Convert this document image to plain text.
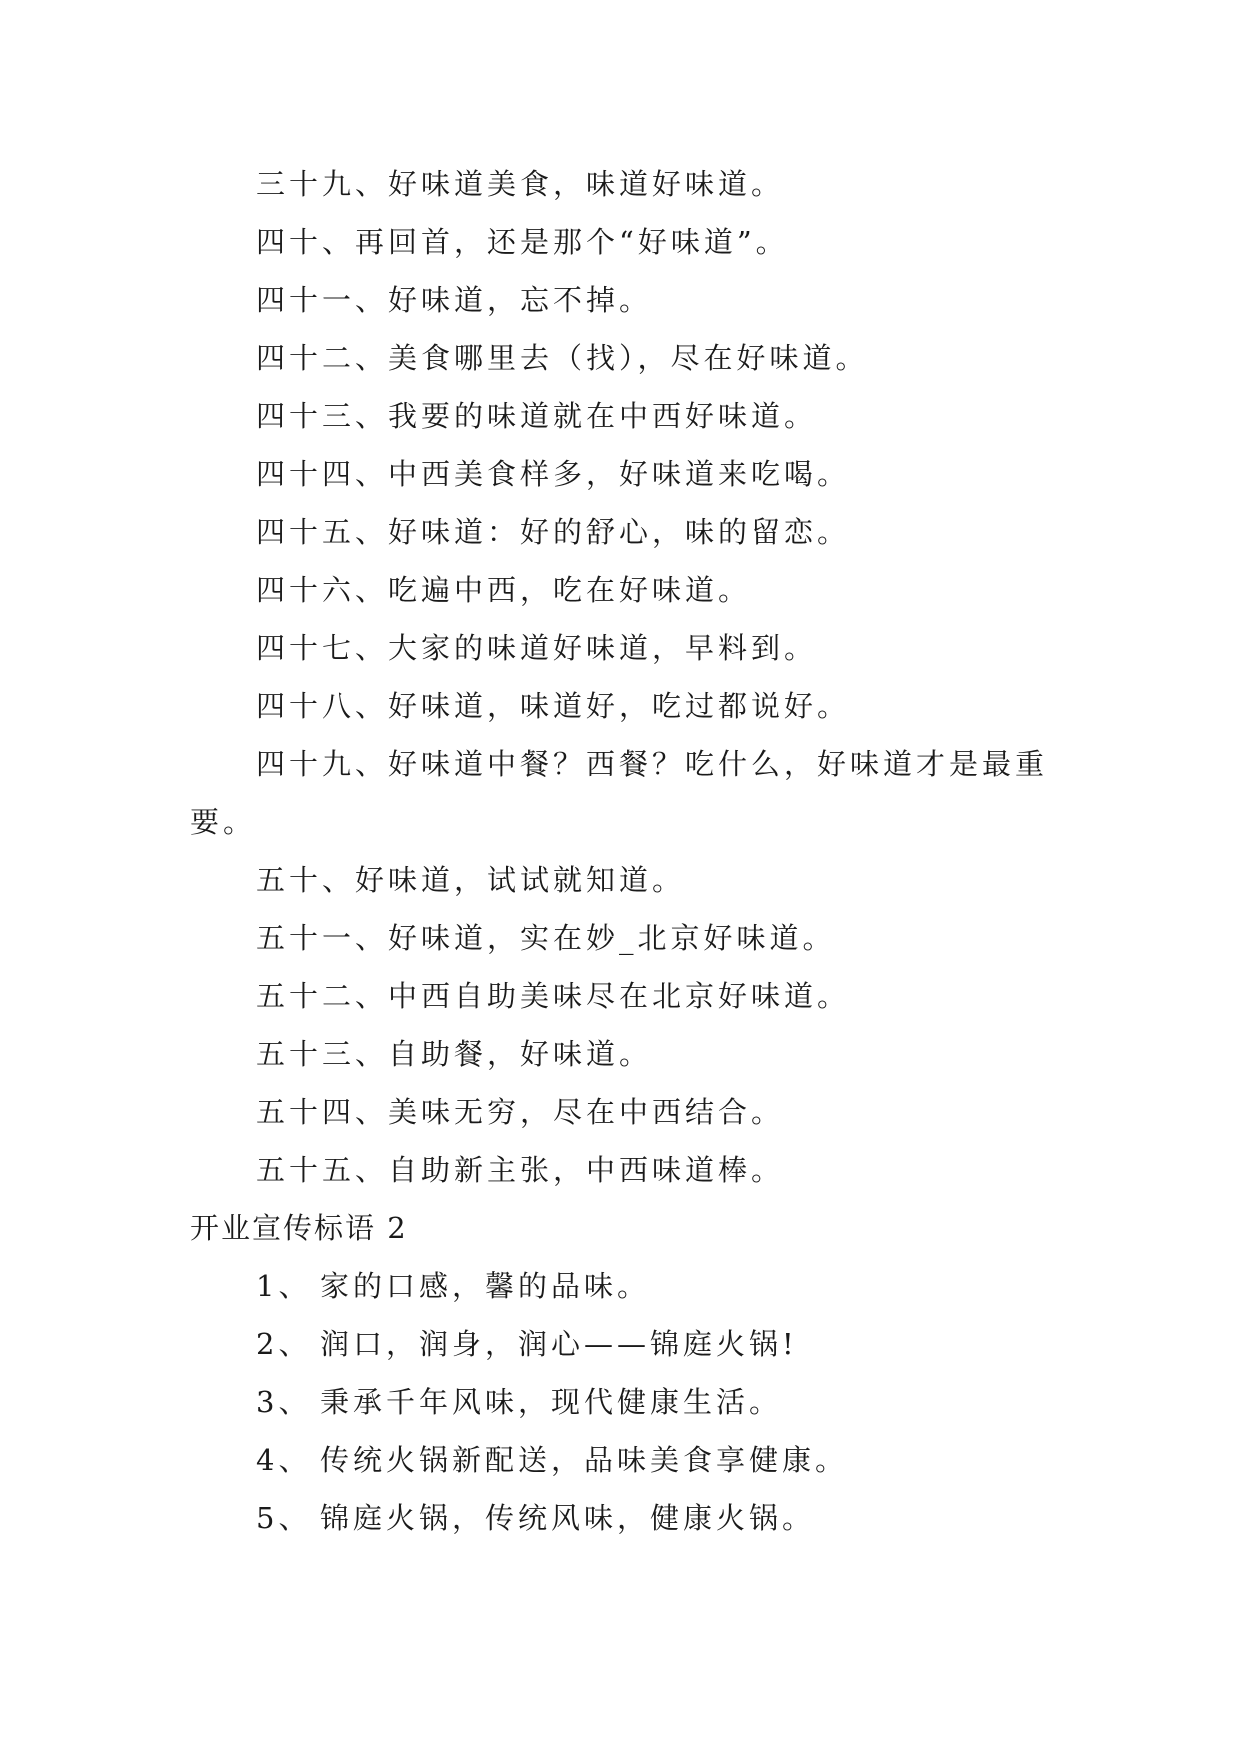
三十九、好味道美食，味道好味道。

四十、再回首，还是那个“好味道”。

四十一、好味道，忘不掉。

四十二、美食哪里去（找），尽在好味道。

四十三、我要的味道就在中西好味道。

四十四、中西美食样多，好味道来吃喝。

四十五、好味道：好的舒心，味的留恋。

四十六、吃遍中西，吃在好味道。

四十七、大家的味道好味道，早料到。

四十八、好味道，味道好，吃过都说好。

四十九、好味道中餐？西餐？吃什么，好味道才是最重要。

五十、好味道，试试就知道。

五十一、好味道，实在妙_北京好味道。

五十二、中西自助美味尽在北京好味道。

五十三、自助餐，好味道。

五十四、美味无穷，尽在中西结合。

五十五、自助新主张，中西味道棒。

开业宣传标语 2

1、 家的口感，馨的品味。
2、 润口，润身，润心——锦庭火锅!
3、 秉承千年风味，现代健康生活。
4、 传统火锅新配送，品味美食享健康。
5、 锦庭火锅，传统风味，健康火锅。
